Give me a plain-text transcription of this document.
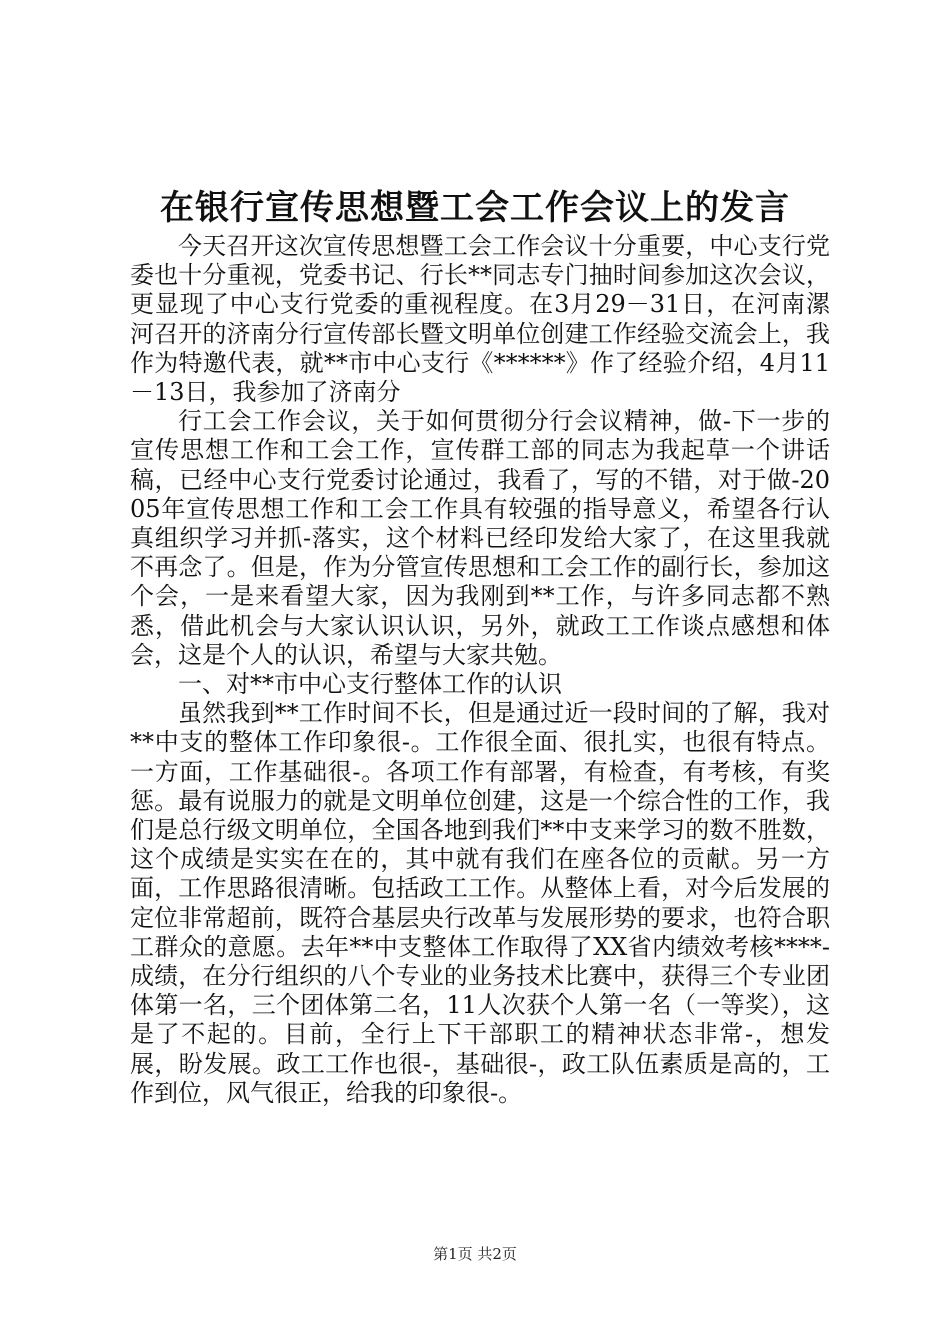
在银行宣传思想暨工会工作会议上的发言

今天召开这次宣传思想暨工会工作会议十分重要，中心支行党委也十分重视，党委书记、行长**同志专门抽时间参加这次会议，更显现了中心支行党委的重视程度。在3月29－31日，在河南漯河召开的济南分行宣传部长暨文明单位创建工作经验交流会上，我作为特邀代表，就**市中心支行《******》作了经验介绍，4月11－13日，我参加了济南分

行工会工作会议，关于如何贯彻分行会议精神，做-下一步的宣传思想工作和工会工作，宣传群工部的同志为我起草一个讲话稿，已经中心支行党委讨论通过，我看了，写的不错，对于做-2005年宣传思想工作和工会工作具有较强的指导意义，希望各行认真组织学习并抓-落实，这个材料已经印发给大家了，在这里我就不再念了。但是，作为分管宣传思想和工会工作的副行长，参加这个会，一是来看望大家，因为我刚到**工作，与许多同志都不熟悉，借此机会与大家认识认识，另外，就政工工作谈点感想和体会，这是个人的认识，希望与大家共勉。

一、对**市中心支行整体工作的认识

虽然我到**工作时间不长，但是通过近一段时间的了解，我对**中支的整体工作印象很-。工作很全面、很扎实，也很有特点。一方面，工作基础很-。各项工作有部署，有检查，有考核，有奖惩。最有说服力的就是文明单位创建，这是一个综合性的工作，我们是总行级文明单位，全国各地到我们**中支来学习的数不胜数，这个成绩是实实在在的，其中就有我们在座各位的贡献。另一方面，工作思路很清晰。包括政工工作。从整体上看，对今后发展的定位非常超前，既符合基层央行改革与发展形势的要求，也符合职工群众的意愿。去年**中支整体工作取得了XX省内绩效考核****-成绩，在分行组织的八个专业的业务技术比赛中，获得三个专业团体第一名，三个团体第二名，11人次获个人第一名（一等奖），这是了不起的。目前，全行上下干部职工的精神状态非常-，想发展，盼发展。政工工作也很-，基础很-，政工队伍素质是高的，工作到位，风气很正，给我的印象很-。

第1页 共2页
